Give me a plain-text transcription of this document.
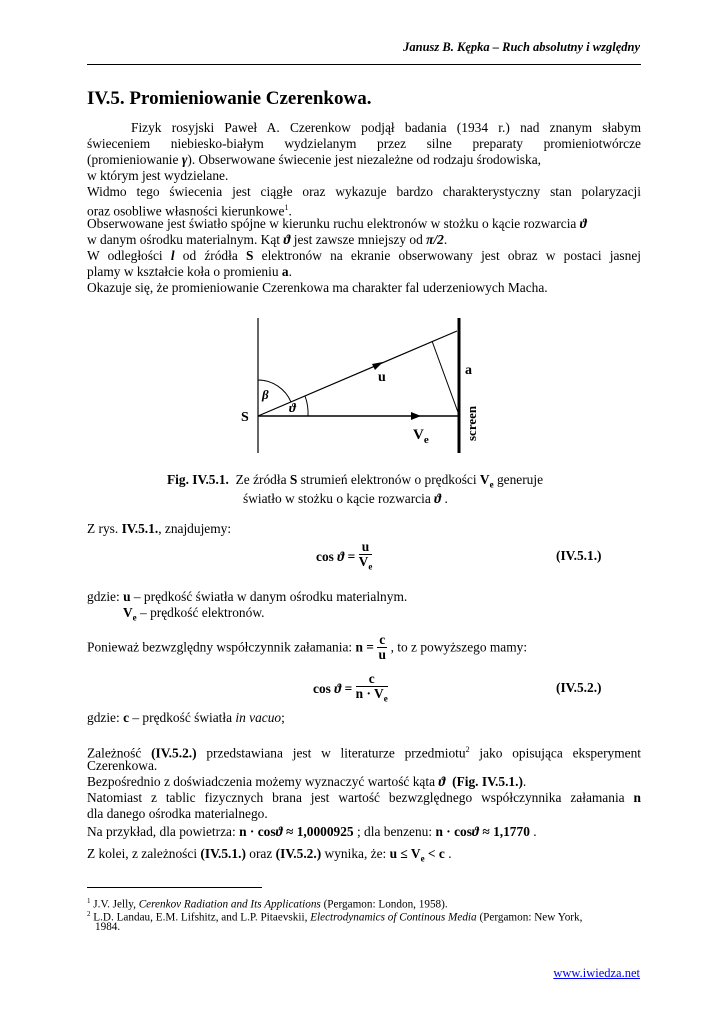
Janusz B. Kępka – Ruch absolutny i względny
IV.5. Promieniowanie Czerenkowa.
Fizyk rosyjski Paweł A. Czerenkow podjął badania (1934 r.) nad znanym słabym
świeceniem niebiesko-białym wydzielanym przez silne preparaty promieniotwórcze
(promieniowanie γ). Obserwowane świecenie jest niezależne od rodzaju środowiska,
w którym jest wydzielane.
Widmo tego świecenia jest ciągłe oraz wykazuje bardzo charakterystyczny stan polaryzacji
oraz osobliwe własności kierunkowe$^1$.
Obserwowane jest światło spójne w kierunku ruchu elektronów w stożku o kącie rozwarcia ϑ
w danym ośrodku materialnym. Kąt ϑ jest zawsze mniejszy od π/2.
W odległości l od źródła S elektronów na ekranie obserwowany jest obraz w postaci jasnej
plamy w kształcie koła o promieniu a.
Okazuje się, że promieniowanie Czerenkowa ma charakter fal uderzeniowych Macha.
S
β
ϑ
u	a
$V_e$	screen
Fig. IV.5.1. Ze źródła S strumień elektronów o prędkości $V_e$ generuje
światło w stożku o kącie rozwarcia ϑ .
Z rys. IV.5.1., znajdujemy:
$\cos ϑ = \frac{u}{V_e}$	(IV.5.1.)
gdzie: u – prędkość światła w danym ośrodku materialnym.
$V_e$ – prędkość elektronów.
Ponieważ bezwzględny współczynnik załamania: $n = \frac{c}{u}$ , to z powyższego mamy:
$\cos ϑ = \frac{c}{n \cdot V_e}$	(IV.5.2.)
gdzie: c – prędkość światła in vacuo;
Zależność (IV.5.2.) przedstawiana jest w literaturze przedmiotu$^2$ jako opisująca eksperyment
Czerenkowa.
Bezpośrednio z doświadczenia możemy wyznaczyć wartość kąta ϑ (Fig. IV.5.1.).
Natomiast z tablic fizycznych brana jest wartość bezwzględnego współczynnika załamania n
dla danego ośrodka materialnego.
Na przykład, dla powietrza: n · cosϑ ≈ 1,0000925 ; dla benzenu: n · cosϑ ≈ 1,1770 .
Z kolei, z zależności (IV.5.1.) oraz (IV.5.2.) wynika, że: $u \le V_e < c$ .
$^1$ J.V. Jelly, Cerenkov Radiation and Its Applications (Pergamon: London, 1958).
$^2$ L.D. Landau, E.M. Lifshitz, and L.P. Pitaevskii, Electrodynamics of Continous Media (Pergamon: New York,
1984.
www.iwiedza.net
